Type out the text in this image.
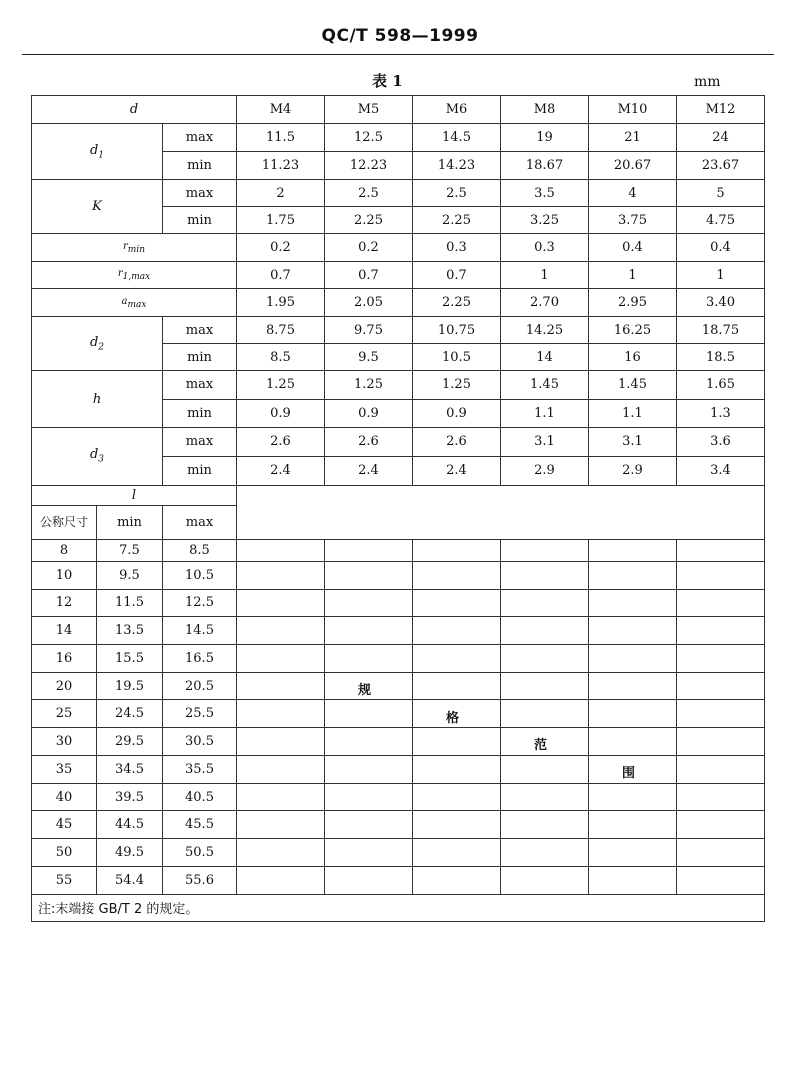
QC/T 598—1999
表 1	mm
d			M4	M5	M6	M8	M10	M12
$d_1$		max	11.5	12.5	14.5	19	21	24
		min	11.23	12.23	14.23	18.67	20.67	23.67
K		max	2	2.5	2.5	3.5	4	5
		min	1.75	2.25	2.25	3.25	3.75	4.75
$r_{min}$			0.2	0.2	0.3	0.3	0.4	0.4
$r_{1,max}$			0.7	0.7	0.7	1	1	1
$a_{max}$			1.95	2.05	2.25	2.70	2.95	3.40
$d_2$		max	8.75	9.75	10.75	14.25	16.25	18.75
		min	8.5	9.5	10.5	14	16	18.5
h		max	1.25	1.25	1.25	1.45	1.45	1.65
		min	0.9	0.9	0.9	1.1	1.1	1.3
$d_3$		max	2.6	2.6	2.6	3.1	3.1	3.6
		min	2.4	2.4	2.4	2.9	2.9	3.4
l								
公称尺寸	min	max						
8	7.5	8.5						
10	9.5	10.5						
12	11.5	12.5						
14	13.5	14.5						
16	15.5	16.5						
20	19.5	20.5						
25	24.5	25.5						
30	29.5	30.5						
35	34.5	35.5						
40	39.5	40.5						
45	44.5	45.5						
50	49.5	50.5						
55	54.4	55.6						
注:末端接 GB/T 2 的规定。								
规
格
范
围
